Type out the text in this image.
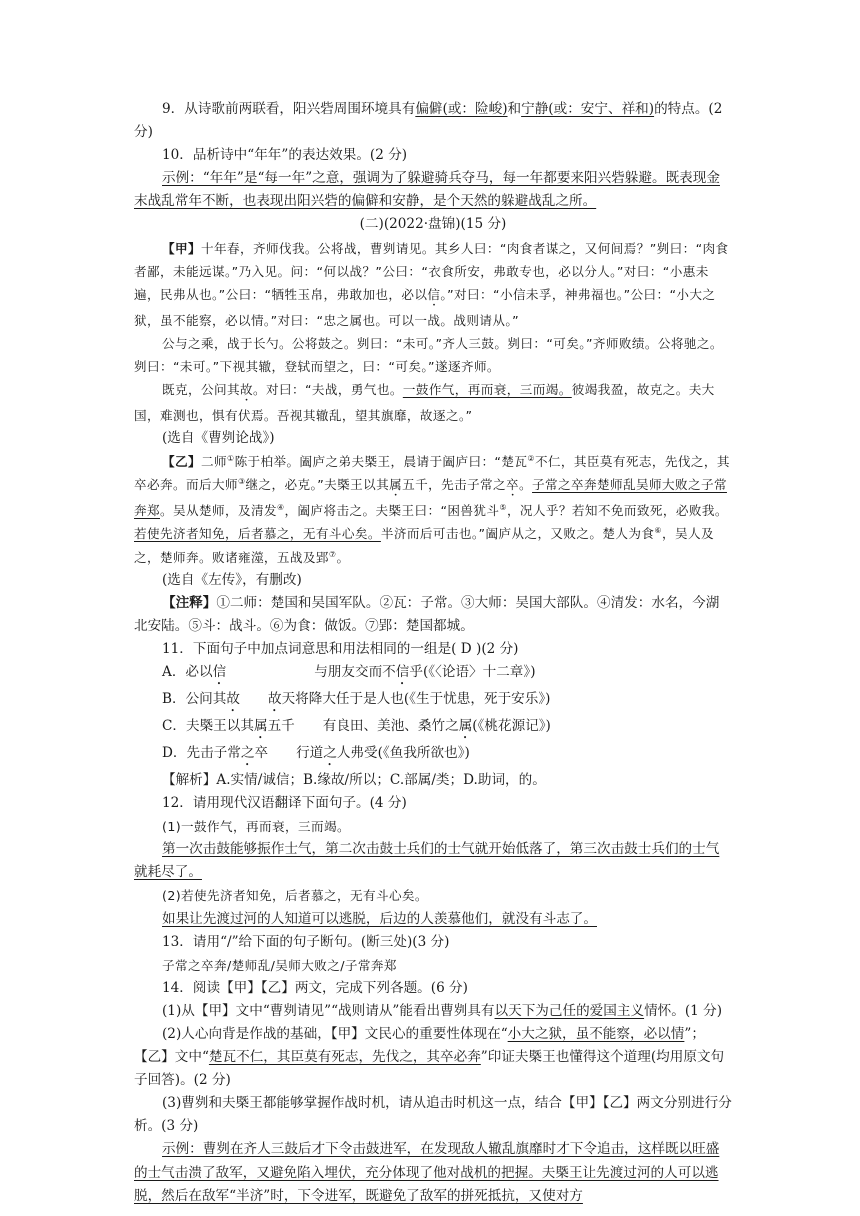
9．从诗歌前两联看，阳兴砦周围环境具有偏僻(或：险峻)和宁静(或：安宁、祥和)的特点。(2 分)

10．品析诗中“年年”的表达效果。(2 分)

示例：“年年”是“每一年”之意，强调为了躲避骑兵夺马，每一年都要来阳兴砦躲避。既表现金末战乱常年不断，也表现出阳兴砦的偏僻和安静，是个天然的躲避战乱之所。

(二)(2022·盘锦)(15 分)

【甲】十年春，齐师伐我。公将战，曹刿请见。其乡人曰：“肉食者谋之，又何间焉？”刿曰：“肉食者鄙，未能远谋。”乃入见。问：“何以战？”公曰：“衣食所安，弗敢专也，必以分人。”对曰：“小惠未遍，民弗从也。”公曰：“牺牲玉帛，弗敢加也，必以信。”对曰：“小信未孚，神弗福也。”公曰：“小大之狱，虽不能察，必以情。”对曰：“忠之属也。可以一战。战则请从。”

公与之乘，战于长勺。公将鼓之。刿曰：“未可。”齐人三鼓。刿曰：“可矣。”齐师败绩。公将驰之。刿曰：“未可。”下视其辙，登轼而望之，曰：“可矣。”遂逐齐师。

既克，公问其故。对曰：“夫战，勇气也。一鼓作气，再而衰，三而竭。彼竭我盈，故克之。夫大国，难测也，惧有伏焉。吾视其辙乱，望其旗靡，故逐之。”

(选自《曹刿论战》)

【乙】二师①陈于柏举。阖庐之弟夫槩王，晨请于阖庐曰：“楚瓦②不仁，其臣莫有死志，先伐之，其卒必奔。而后大师③继之，必克。”夫槩王以其属五千，先击子常之卒。子常之卒奔楚师乱吴师大败之子常奔郑。吴从楚师，及清发④，阖庐将击之。夫槩王曰：“困兽犹斗⑤，况人乎？若知不免而致死，必败我。若使先济者知免，后者慕之，无有斗心矣。半济而后可击也。”阖庐从之，又败之。楚人为食⑥，吴人及之，楚师奔。败诸雍澨，五战及郢⑦。

(选自《左传》，有删改)

【注释】①二师：楚国和吴国军队。②瓦：子常。③大师：吴国大部队。④清发：水名，今湖北安陆。⑤斗：战斗。⑥为食：做饭。⑦郢：楚国都城。

11．下面句子中加点词意思和用法相同的一组是( D )(2 分)

A．必以信	与朋友交而不信乎(《〈论语〉十二章》)

B．公问其故 故天将降大任于是人也(《生于忧患，死于安乐》)

C．夫槩王以其属五千 有良田、美池、桑竹之属(《桃花源记》)

D．先击子常之卒 行道之人弗受(《鱼我所欲也》)

【解析】A.实情/诚信；B.缘故/所以；C.部属/类；D.助词，的。

12．请用现代汉语翻译下面句子。(4 分)

(1)一鼓作气，再而衰，三而竭。

第一次击鼓能够振作士气，第二次击鼓士兵们的士气就开始低落了，第三次击鼓士兵们的士气就耗尽了。

(2)若使先济者知免，后者慕之，无有斗心矣。

如果让先渡过河的人知道可以逃脱，后边的人羡慕他们，就没有斗志了。

13．请用“/”给下面的句子断句。(断三处)(3 分)

子常之卒奔/楚师乱/吴师大败之/子常奔郑

14．阅读【甲】【乙】两文，完成下列各题。(6 分)

(1)从【甲】文中“曹刿请见”“战则请从”能看出曹刿具有以天下为己任的爱国主义情怀。(1 分)

(2)人心向背是作战的基础，【甲】文民心的重要性体现在“小大之狱，虽不能察，必以情”；【乙】文中“楚瓦不仁，其臣莫有死志，先伐之，其卒必奔”印证夫槩王也懂得这个道理(均用原文句子回答)。(2 分)

(3)曹刿和夫槩王都能够掌握作战时机，请从追击时机这一点，结合【甲】【乙】两文分别进行分析。(3 分)

示例：曹刿在齐人三鼓后才下令击鼓进军，在发现敌人辙乱旗靡时才下令追击，这样既以旺盛的士气击溃了敌军，又避免陷入埋伏，充分体现了他对战机的把握。夫槩王让先渡过河的人可以逃脱，然后在敌军“半济”时，下令进军，既避免了敌军的拼死抵抗，又使对方
